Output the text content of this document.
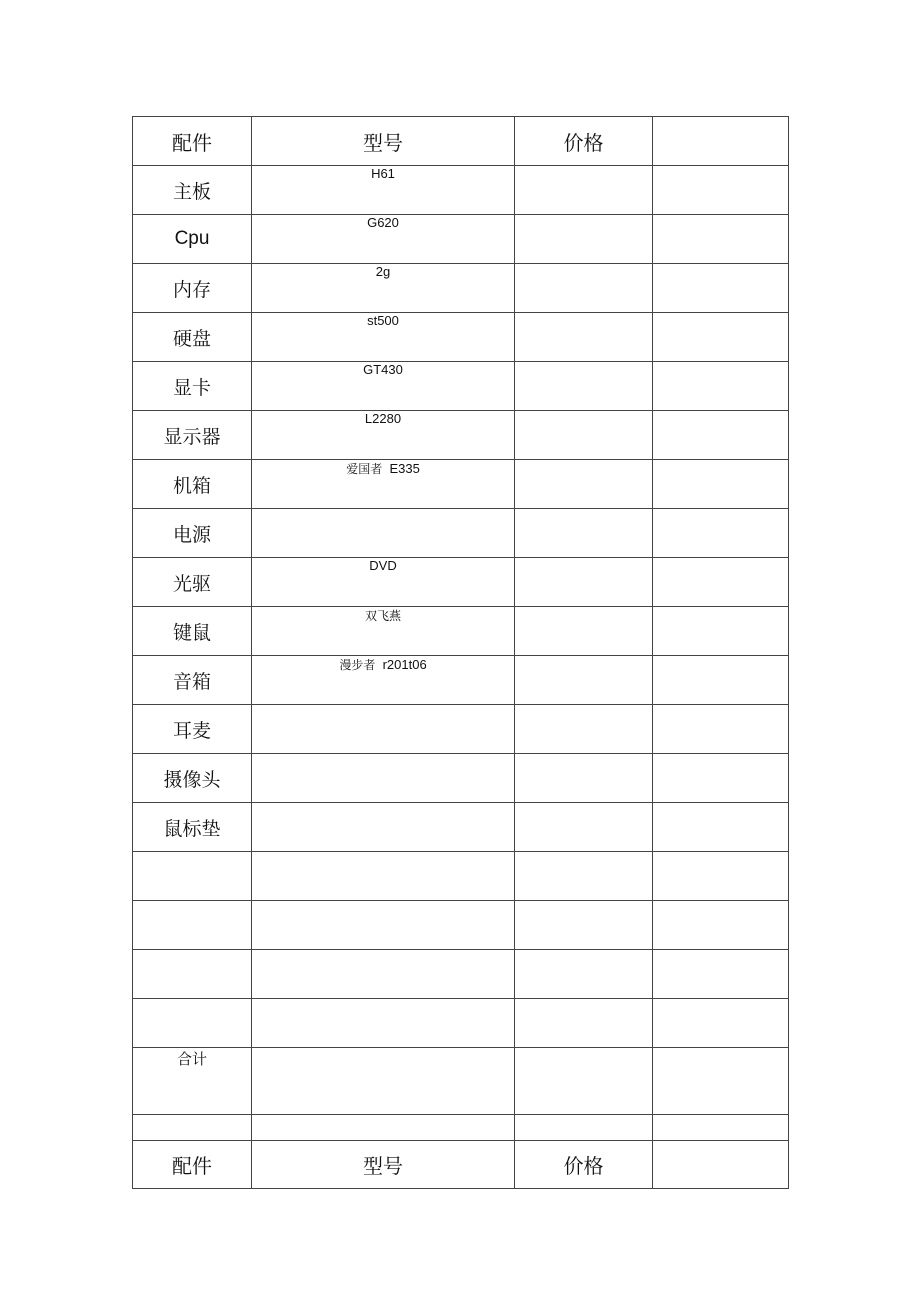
配件	型号	价格	
主板	H61		
Cpu	G620		
内存	2g		
硬盘	st500		
显卡	GT430		
显示器	L2280		
机箱	爱国者 E335		
电源			
光驱	DVD		
键鼠	双飞燕		
音箱	漫步者 r201t06		
耳麦			
摄像头			
鼠标垫			

合计			

配件	型号	价格	
